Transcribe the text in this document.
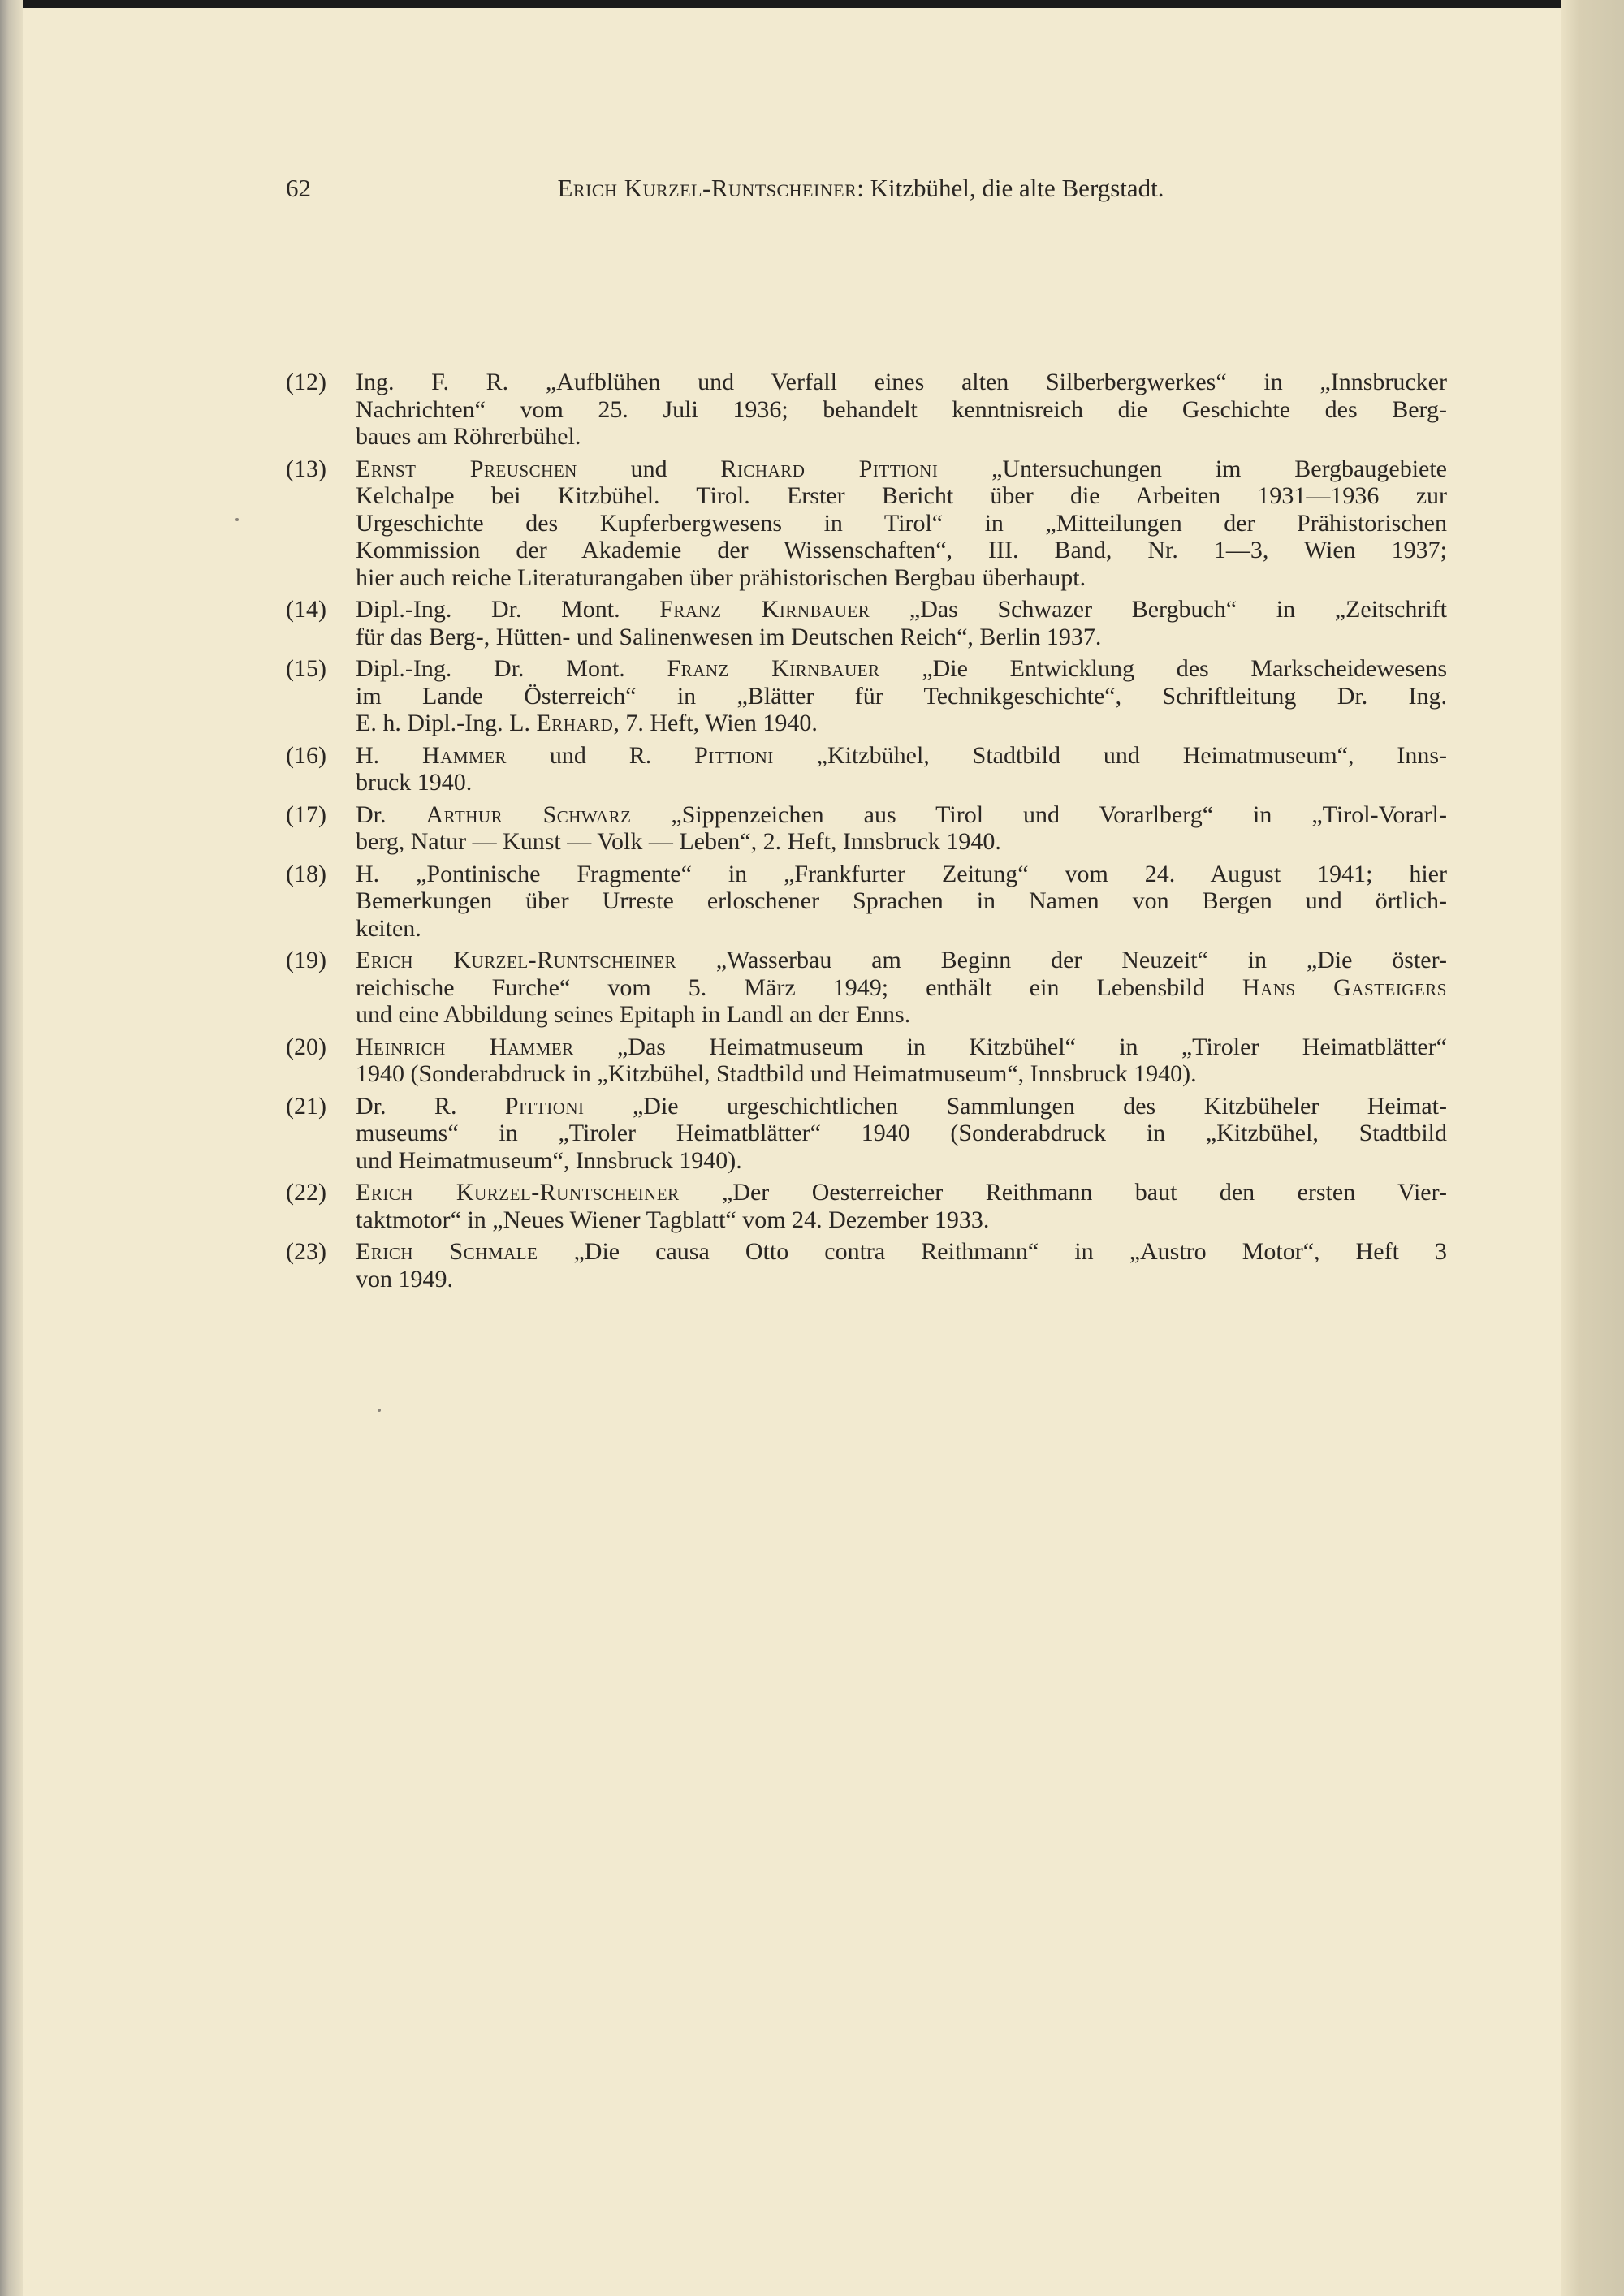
62	Erich Kurzel-Runtscheiner: Kitzbühel, die alte Bergstadt.
(12) Ing. F. R. „Aufblühen und Verfall eines alten Silberbergwerkes“ in „Innsbrucker
Nachrichten“ vom 25. Juli 1936; behandelt kenntnisreich die Geschichte des Berg-
baues am Röhrerbühel.
(13) Ernst Preuschen und Richard Pittioni „Untersuchungen im Bergbaugebiete
Kelchalpe bei Kitzbühel. Tirol. Erster Bericht über die Arbeiten 1931—1936 zur
Urgeschichte des Kupferbergwesens in Tirol“ in „Mitteilungen der Prähistorischen
Kommission der Akademie der Wissenschaften“, III. Band, Nr. 1—3, Wien 1937;
hier auch reiche Literaturangaben über prähistorischen Bergbau überhaupt.
(14) Dipl.-Ing. Dr. Mont. Franz Kirnbauer „Das Schwazer Bergbuch“ in „Zeitschrift
für das Berg-, Hütten- und Salinenwesen im Deutschen Reich“, Berlin 1937.
(15) Dipl.-Ing. Dr. Mont. Franz Kirnbauer „Die Entwicklung des Markscheidewesens
im Lande Österreich“ in „Blätter für Technikgeschichte“, Schriftleitung Dr. Ing.
E. h. Dipl.-Ing. L. Erhard, 7. Heft, Wien 1940.
(16) H. Hammer und R. Pittioni „Kitzbühel, Stadtbild und Heimatmuseum“, Inns-
bruck 1940.
(17) Dr. Arthur Schwarz „Sippenzeichen aus Tirol und Vorarlberg“ in „Tirol-Vorarl-
berg, Natur — Kunst — Volk — Leben“, 2. Heft, Innsbruck 1940.
(18) H. „Pontinische Fragmente“ in „Frankfurter Zeitung“ vom 24. August 1941; hier
Bemerkungen über Urreste erloschener Sprachen in Namen von Bergen und örtlich-
keiten.
(19) Erich Kurzel-Runtscheiner „Wasserbau am Beginn der Neuzeit“ in „Die öster-
reichische Furche“ vom 5. März 1949; enthält ein Lebensbild Hans Gasteigers
und eine Abbildung seines Epitaph in Landl an der Enns.
(20) Heinrich Hammer „Das Heimatmuseum in Kitzbühel“ in „Tiroler Heimatblätter“
1940 (Sonderabdruck in „Kitzbühel, Stadtbild und Heimatmuseum“, Innsbruck 1940).
(21) Dr. R. Pittioni „Die urgeschichtlichen Sammlungen des Kitzbüheler Heimat-
museums“ in „Tiroler Heimatblätter“ 1940 (Sonderabdruck in „Kitzbühel, Stadtbild
und Heimatmuseum“, Innsbruck 1940).
(22) Erich Kurzel-Runtscheiner „Der Oesterreicher Reithmann baut den ersten Vier-
taktmotor“ in „Neues Wiener Tagblatt“ vom 24. Dezember 1933.
(23) Erich Schmale „Die causa Otto contra Reithmann“ in „Austro Motor“, Heft 3
von 1949.
